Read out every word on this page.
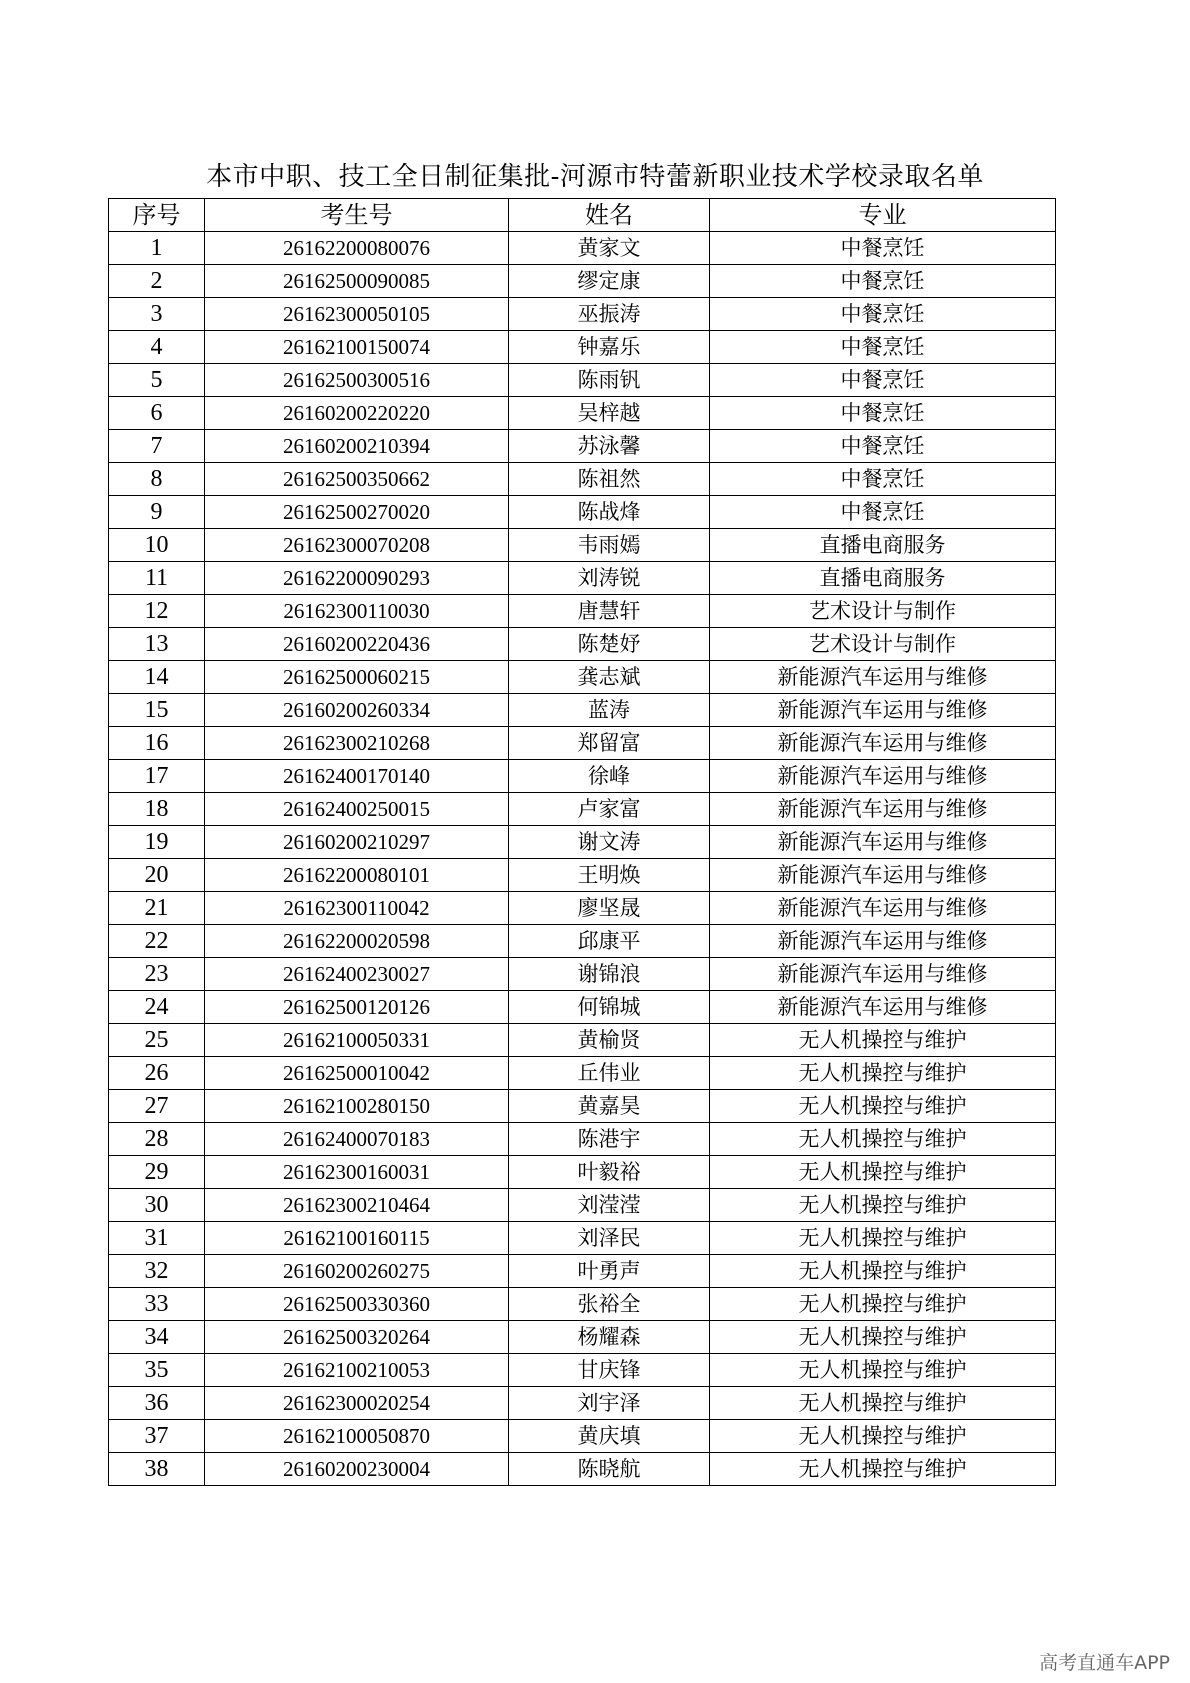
本市中职、技工全日制征集批-河源市特蕾新职业技术学校录取名单
序号	考生号	姓名	专业
1	26162200080076	黄家文	中餐烹饪
2	26162500090085	缪定康	中餐烹饪
3	26162300050105	巫振涛	中餐烹饪
4	26162100150074	钟嘉乐	中餐烹饪
5	26162500300516	陈雨钒	中餐烹饪
6	26160200220220	吴梓越	中餐烹饪
7	26160200210394	苏泳馨	中餐烹饪
8	26162500350662	陈祖然	中餐烹饪
9	26162500270020	陈战烽	中餐烹饪
10	26162300070208	韦雨嫣	直播电商服务
11	26162200090293	刘涛锐	直播电商服务
12	26162300110030	唐慧轩	艺术设计与制作
13	26160200220436	陈楚妤	艺术设计与制作
14	26162500060215	龚志斌	新能源汽车运用与维修
15	26160200260334	蓝涛	新能源汽车运用与维修
16	26162300210268	郑留富	新能源汽车运用与维修
17	26162400170140	徐峰	新能源汽车运用与维修
18	26162400250015	卢家富	新能源汽车运用与维修
19	26160200210297	谢文涛	新能源汽车运用与维修
20	26162200080101	王明焕	新能源汽车运用与维修
21	26162300110042	廖坚晟	新能源汽车运用与维修
22	26162200020598	邱康平	新能源汽车运用与维修
23	26162400230027	谢锦浪	新能源汽车运用与维修
24	26162500120126	何锦城	新能源汽车运用与维修
25	26162100050331	黄榆贤	无人机操控与维护
26	26162500010042	丘伟业	无人机操控与维护
27	26162100280150	黄嘉昊	无人机操控与维护
28	26162400070183	陈港宇	无人机操控与维护
29	26162300160031	叶毅裕	无人机操控与维护
30	26162300210464	刘滢滢	无人机操控与维护
31	26162100160115	刘泽民	无人机操控与维护
32	26160200260275	叶勇声	无人机操控与维护
33	26162500330360	张裕全	无人机操控与维护
34	26162500320264	杨耀森	无人机操控与维护
35	26162100210053	甘庆锋	无人机操控与维护
36	26162300020254	刘宇泽	无人机操控与维护
37	26162100050870	黄庆填	无人机操控与维护
38	26160200230004	陈晓航	无人机操控与维护
高考直通车APP
